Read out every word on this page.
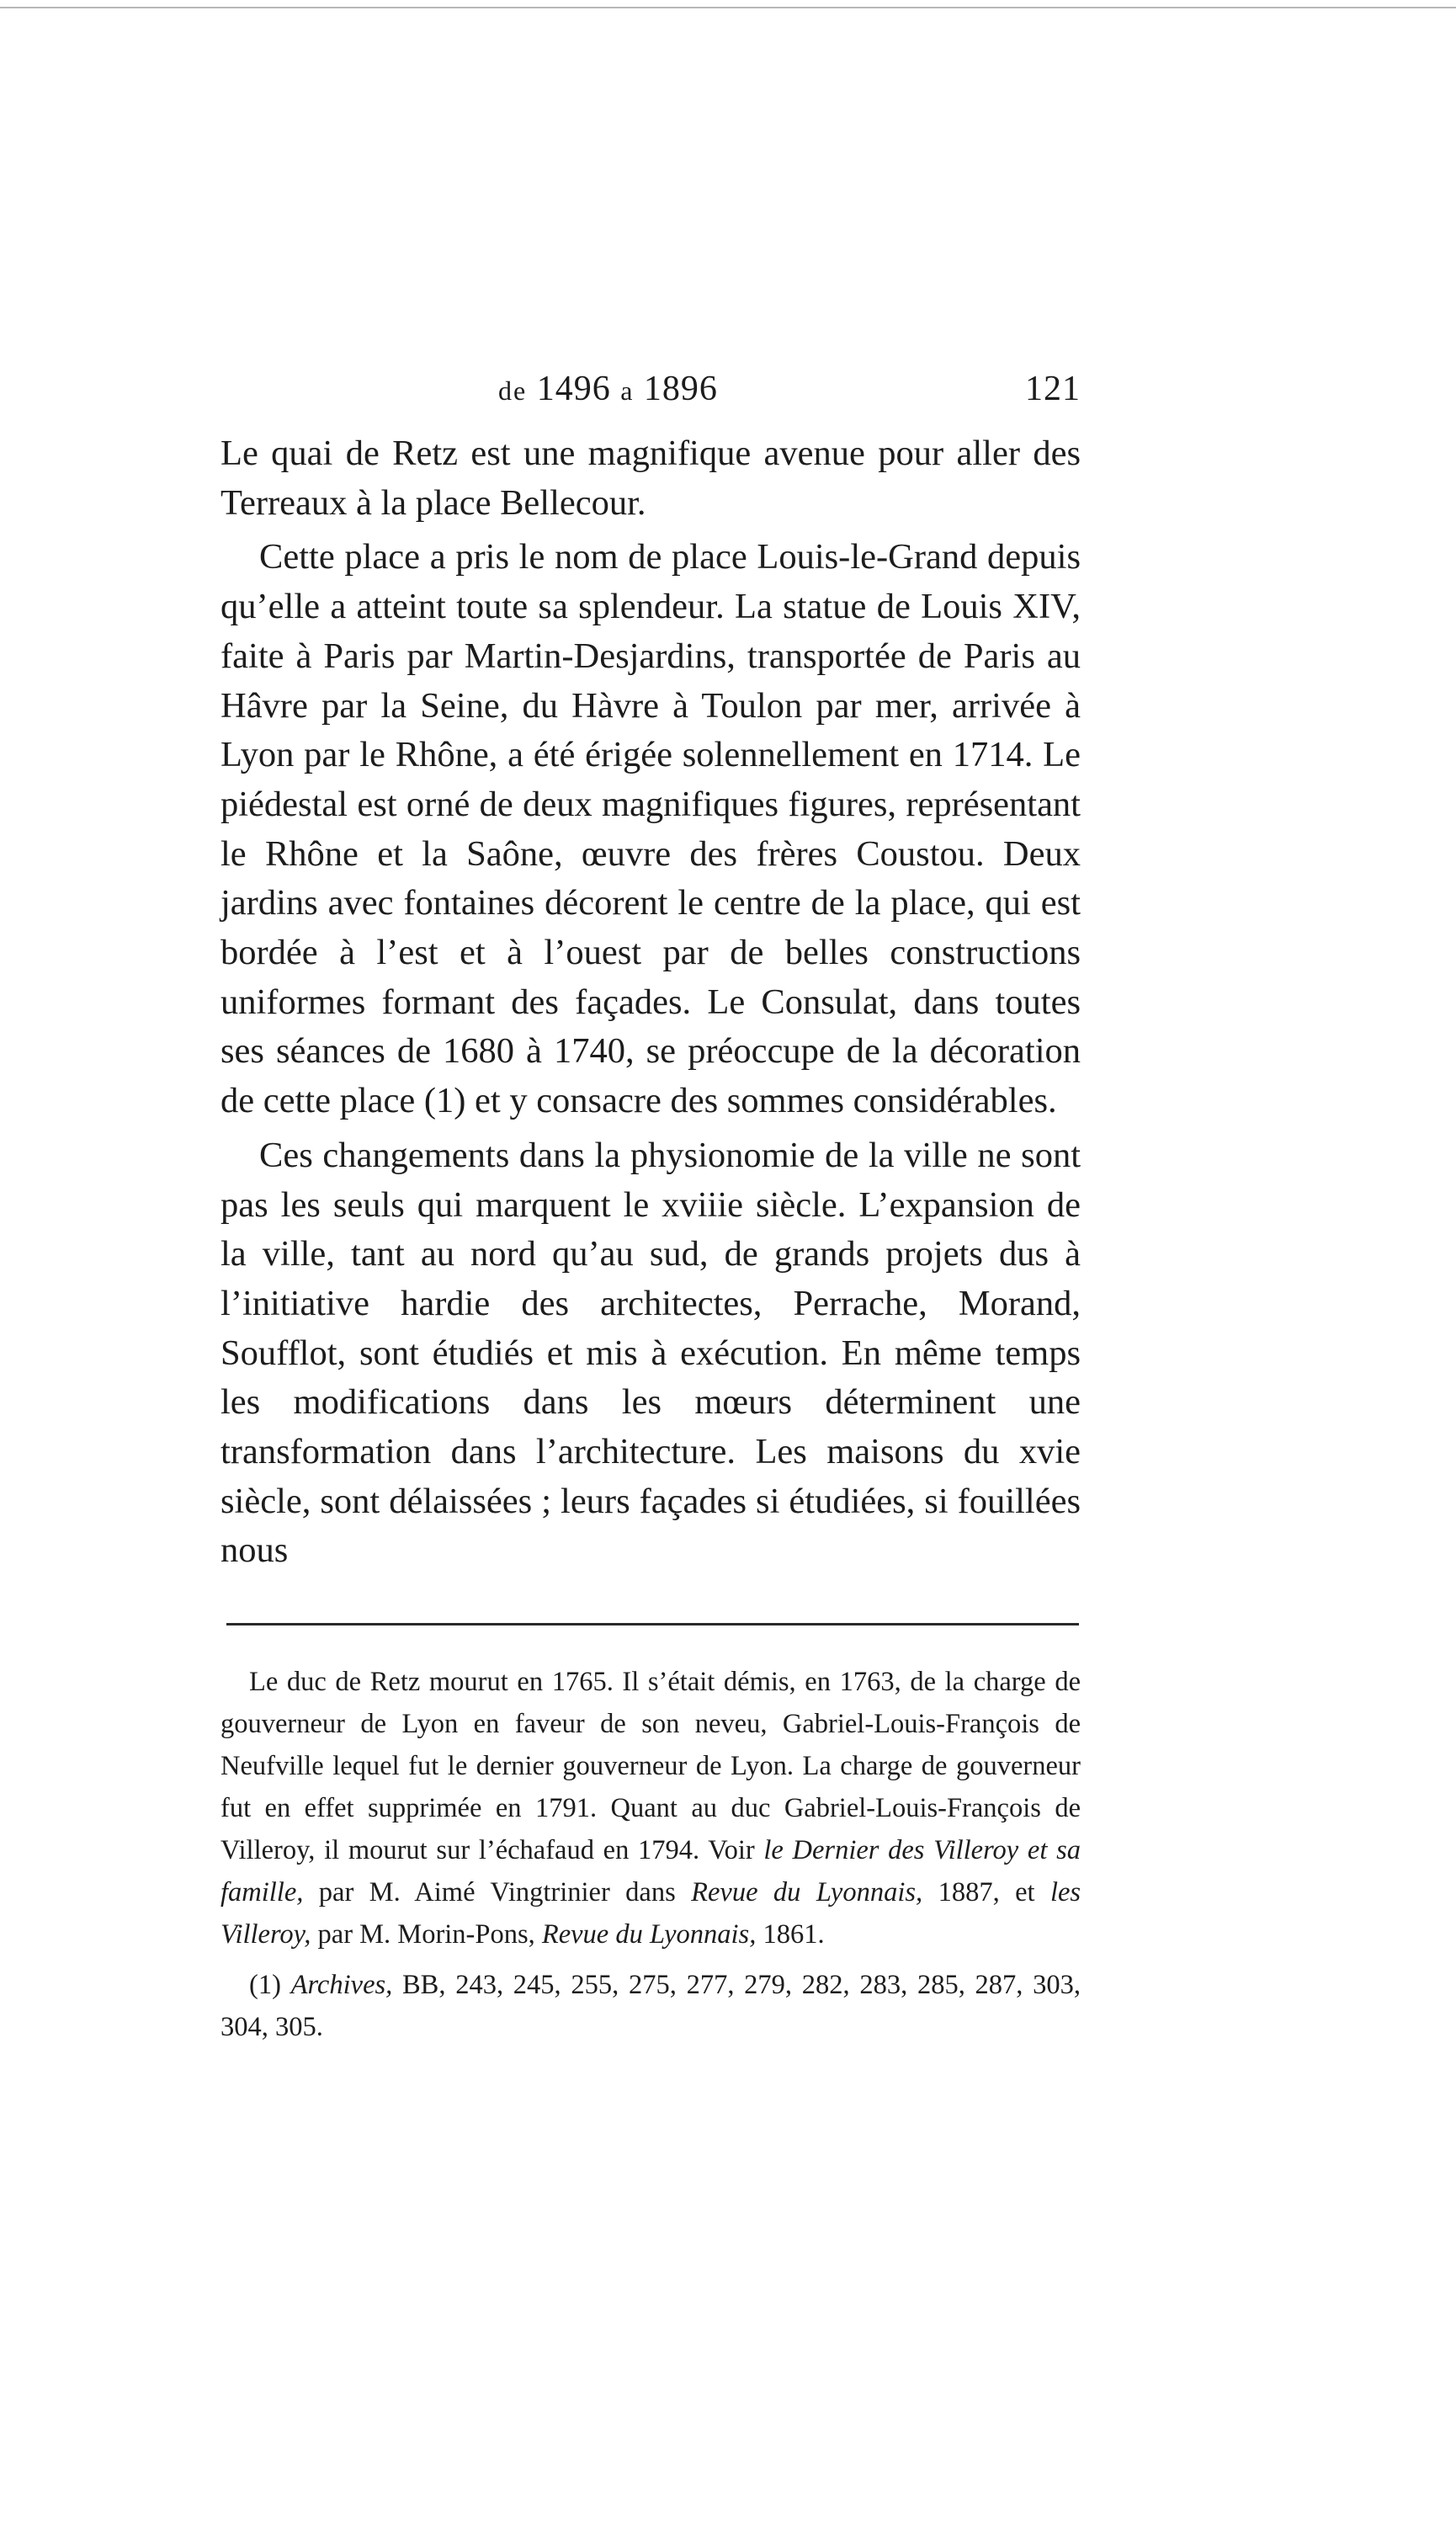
de 1496 a 1896	121

Le quai de Retz est une magnifique avenue pour aller des Terreaux à la place Bellecour.

Cette place a pris le nom de place Louis-le-Grand depuis qu’elle a atteint toute sa splendeur. La statue de Louis XIV, faite à Paris par Martin-Desjardins, transportée de Paris au Hâvre par la Seine, du Hàvre à Toulon par mer, arrivée à Lyon par le Rhône, a été érigée solennellement en 1714. Le piédestal est orné de deux magnifiques figures, représentant le Rhône et la Saône, œuvre des frères Coustou. Deux jardins avec fontaines décorent le centre de la place, qui est bordée à l’est et à l’ouest par de belles constructions uniformes formant des façades. Le Consulat, dans toutes ses séances de 1680 à 1740, se préoccupe de la décoration de cette place (1) et y consacre des sommes considérables.

Ces changements dans la physionomie de la ville ne sont pas les seuls qui marquent le xviiie siècle. L’expansion de la ville, tant au nord qu’au sud, de grands projets dus à l’initiative hardie des architectes, Perrache, Morand, Soufflot, sont étudiés et mis à exécution. En même temps les modifications dans les mœurs déterminent une transformation dans l’architecture. Les maisons du xvie siècle, sont délaissées ; leurs façades si étudiées, si fouillées nous

Le duc de Retz mourut en 1765. Il s’était démis, en 1763, de la charge de gouverneur de Lyon en faveur de son neveu, Gabriel-Louis-François de Neufville lequel fut le dernier gouverneur de Lyon. La charge de gouverneur fut en effet supprimée en 1791. Quant au duc Gabriel-Louis-François de Villeroy, il mourut sur l’échafaud en 1794. Voir le Dernier des Villeroy et sa famille, par M. Aimé Vingtrinier dans Revue du Lyonnais, 1887, et les Villeroy, par M. Morin-Pons, Revue du Lyonnais, 1861.

(1) Archives, BB, 243, 245, 255, 275, 277, 279, 282, 283, 285, 287, 303, 304, 305.
